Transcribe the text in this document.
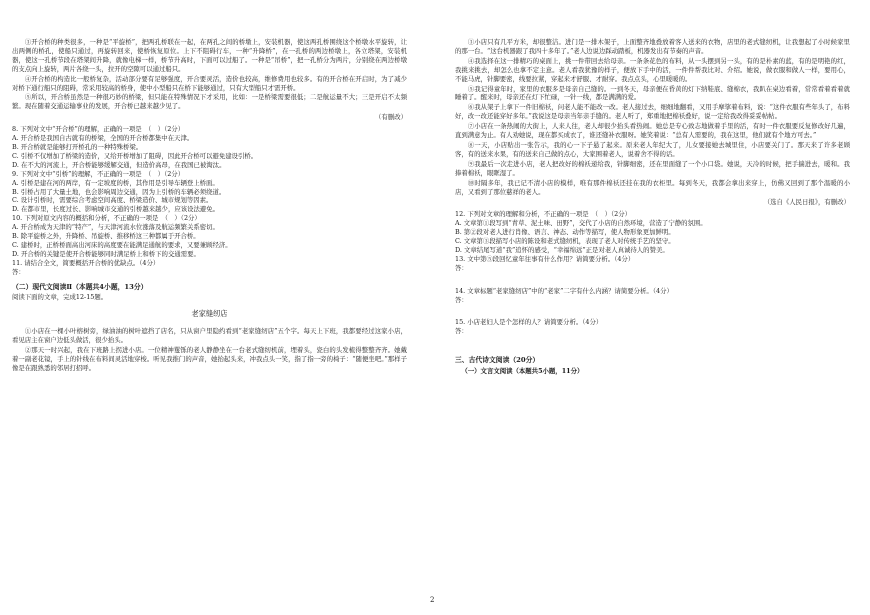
③开合桥的种类很多，一种是“平旋桥”，把两孔桥联在一起，在两孔之间的桥墩上，安装机器，使这两孔桥围绕这个桥墩水平旋转，让出两侧的桥孔，使船只通过，再旋转回来，使桥恢复原位。上下不阻碍行车，一种“升降桥”，在一孔桥的两边桥墩上，各立塔架，安装机器，使这一孔桥节段在塔架间升降，就像电梯一样，桥节升高时，下面可以过船了。一种是“吊桥”，把一孔桥分为两片，分别绕在两边桥墩的支点向上旋转，两片各绕一头，拉开的空隙可以通过船只。

④开合桥的构造比一般桥复杂，活动部分要有足够强度，开合要灵活，造价也较高，维修费用也较多。有的开合桥在开启时，为了减少对桥下通行船只的阻碍，常采用较高的桥身，使中小型船只在桥下能够通过，只有大型船只才需开桥。

⑤所以，开合桥虽然是一种很巧妙的桥梁，但只能在特殊情况下才采用，比如：一是桥梁需要很低；二是航运量不大；三是开启不太频繁。现在随着交通运输事业的发展，开合桥已越来越少见了。

（有删改）

8. 下列对文中“开合桥”的理解，正确的一项是　（　）（2分）

A. 开合桥是我国自古就有的桥梁，全国的开合桥都集中在天津。

B. 开合桥就是能够打开桥孔的一种特殊桥梁。

C. 引桥不仅增加了桥梁的造价，又给开桥增加了阻碍，因此开合桥可以避免建设引桥。

D. 在不大的河流上，开合桥能够缓解交通，但造价高昂，在我国已被淘汰。

9. 下列对文中“引桥”的理解，不正确的一项是　（　）（2分）

A. 引桥是建在河的两岸，有一定坡度的桥，其作用是引导车辆登上桥面。

B. 引桥占用了大量土地，也会影响周边交通，因为上引桥的车辆必须绕道。

C. 设计引桥时，需要综合考虑空间高度、桥梁造价、城市规划等因素。

D. 在都市里，长度过长、影响城市交通的引桥越来越少，应该设法避免。

10. 下列对原文内容的概括和分析，不正确的一项是　（　）（2分）

A. 开合桥成为天津的“特产”，与天津河流水位涨落及航运频繁关系密切。

B. 除平旋桥之外，升降桥、吊旋桥、推移桥这三种都属于开合桥。

C. 建桥时，正桥桥面高出河床的高度要在能满足通航的要求，又要兼顾经济。

D. 开合桥的关键是使开合桥能够同时满足桥上和桥下的交通需要。

11. 请结合全文，简要概括开合桥的优缺点。（4分）

答：

（二）现代文阅读Ⅱ（本题共4小题，13分）

阅读下面的文章，完成12-15题。

老家缝纫店

①小店在一棵小叶榕树旁，绿油油的树叶遮挡了店名，只从窗户里隐约看到“老家缝纫店”五个字。每天上下班，我都要经过这家小店，看见店主在窗户边低头做活，很少抬头。

②那天一时兴起，我在下班路上拐进小店。一位精神矍铄的老人静静坐在一台老式缝纫机前，埋着头，瓷白的头发梳得整整齐齐。她戴着一副老花镜，手上的针线在布料间灵活地穿梭。听见我推门的声音，她抬起头来，冲我点头一笑，指了指一旁的椅子：“随便坐吧。”那样子像是在跟熟悉的邻居打招呼。

③小店只有几平方米，却很整洁。进门是一排木架子，上面整齐地叠放着客人送来的衣物，店里的老式缝纫机，让我想起了小时候家里的那一台。“这台机器跟了我四十多年了。”老人边说边踩动踏板，机器发出有节奏的声音。

④我选择在这一排精巧的桌面上，挑一件带回去给母亲。一条条花色的布料，从一头摆到另一头，有的是朴素的蓝，有的是明艳的红，我挑来挑去，却怎么也拿不定主意。老人看我犹豫的样子，便放下手中的活，一件件帮我比对、介绍。她说，做衣服和做人一样，要用心，不能马虎，针脚要密，线要拉紧，穿起来才舒服、才耐穿。我点点头，心里暖暖的。

⑤我记得童年时，家里的衣服多是母亲自己缝的。一到冬天，母亲便在昏黄的灯下纳鞋底、缝棉衣，我趴在桌边看着，常常看着看着就睡着了。醒来时，母亲还在灯下忙碌，一针一线，都是满满的爱。

⑥我从架子上拿下一件旧棉袄，问老人能不能改一改。老人接过去，细细地翻看，又用手摩挲着布料，说：“这件衣服有些年头了，布料好，改一改还能穿好多年。”我说这是母亲当年亲手缝的。老人听了，郑重地把棉袄叠好，说一定给我改得妥妥帖帖。

⑦小店在一条热闹的大街上，人来人往，老人却很少抬头看热闹。她总是专心致志地做着手里的活，有时一件衣服要反复修改好几遍，直到满意为止。有人劝她说，现在都买成衣了，谁还缝补衣服呀。她笑着说：“总有人需要的，我在这里，他们就有个地方可去。”

⑧一天，小店贴出一张告示，我的心一下子悬了起来。原来老人年纪大了，儿女要接她去城里住，小店要关门了。那天来了许多老顾客，有的送来水果，有的送来自己做的点心，大家围着老人，说着舍不得的话。

⑨我最后一次走进小店，老人把改好的棉袄递给我，针脚细密，还在里面缝了一个小口袋。她说，天冷的时候，把手揣进去，暖和。我捧着棉袄，眼眶湿了。

⑩时隔多年，我已记不清小店的模样，唯有那件棉袄还挂在我的衣柜里。每到冬天，我都会拿出来穿上，仿佛又回到了那个温暖的小店，又看到了那位慈祥的老人。

（选自《人民日报》，有删改）

12. 下列对文章的理解和分析，不正确的一项是　（　）（2分）

A. 文章第①段写到“青草、泥土味、田野”，交代了小店的自然环境，营造了宁静的氛围。

B. 第②段对老人进行肖像、语言、神态、动作等描写，使人物形象更加鲜明。

C. 文章第③段描写小店的陈设和老式缝纫机，表现了老人对传统手艺的坚守。

D. 文章结尾写道“我”追怀的感受，“幸福绵远”正是对老人真诚待人的赞美。

13. 文中第⑤段回忆童年往事有什么作用？请简要分析。（4分）

答：

14. 文章标题“老家缝纫店”中的“老家”二字有什么内涵？请简要分析。（4分）

答：

15. 小店老妇人是个怎样的人？请简要分析。（4分）

答：

三、古代诗文阅读（20分）

（一）文言文阅读（本题共5小题，11分）

2
